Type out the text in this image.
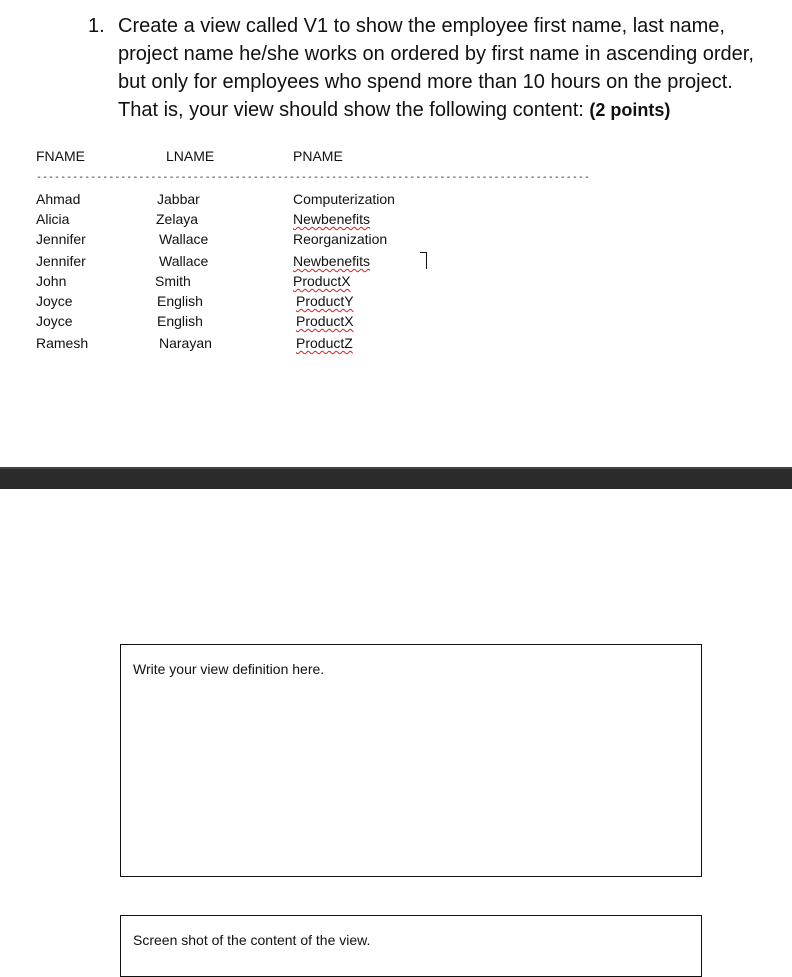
1. Create a view called V1 to show the employee first name, last name, project name he/she works on ordered by first name in ascending order, but only for employees who spend more than 10 hours on the project. That is, your view should show the following content: (2 points)
FNAME	LNAME	PNAME
--------------------------------------------------------------------------------------------
Ahmad	Jabbar	Computerization
Alicia	Zelaya	Newbenefits
Jennifer	Wallace	Reorganization
Jennifer	Wallace	Newbenefits
John	Smith	ProductX
Joyce	English	ProductY
Joyce	English	ProductX
Ramesh	Narayan	ProductZ
Write your view definition here.
Screen shot of the content of the view.
